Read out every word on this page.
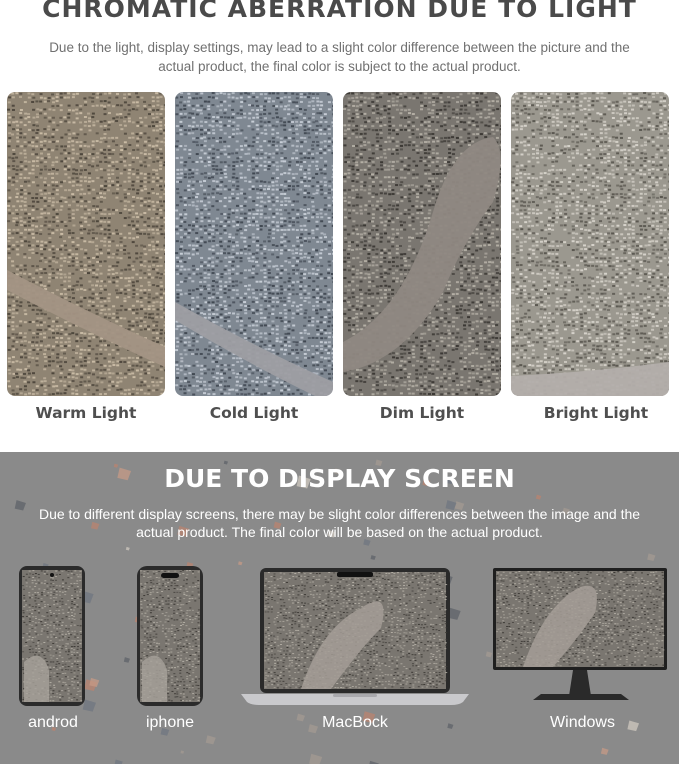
CHROMATIC ABERRATION DUE TO LIGHT
Due to the light, display settings, may lead to a slight color difference between the picture and the actual product, the final color is subject to the actual product.
Warm Light	Cold Light	Dim Light	Bright Light
DUE TO DISPLAY SCREEN
Due to different display screens, there may be slight color differences between the image and the actual product. The final color will be based on the actual product.
androd	iphone	MacBock	Windows
